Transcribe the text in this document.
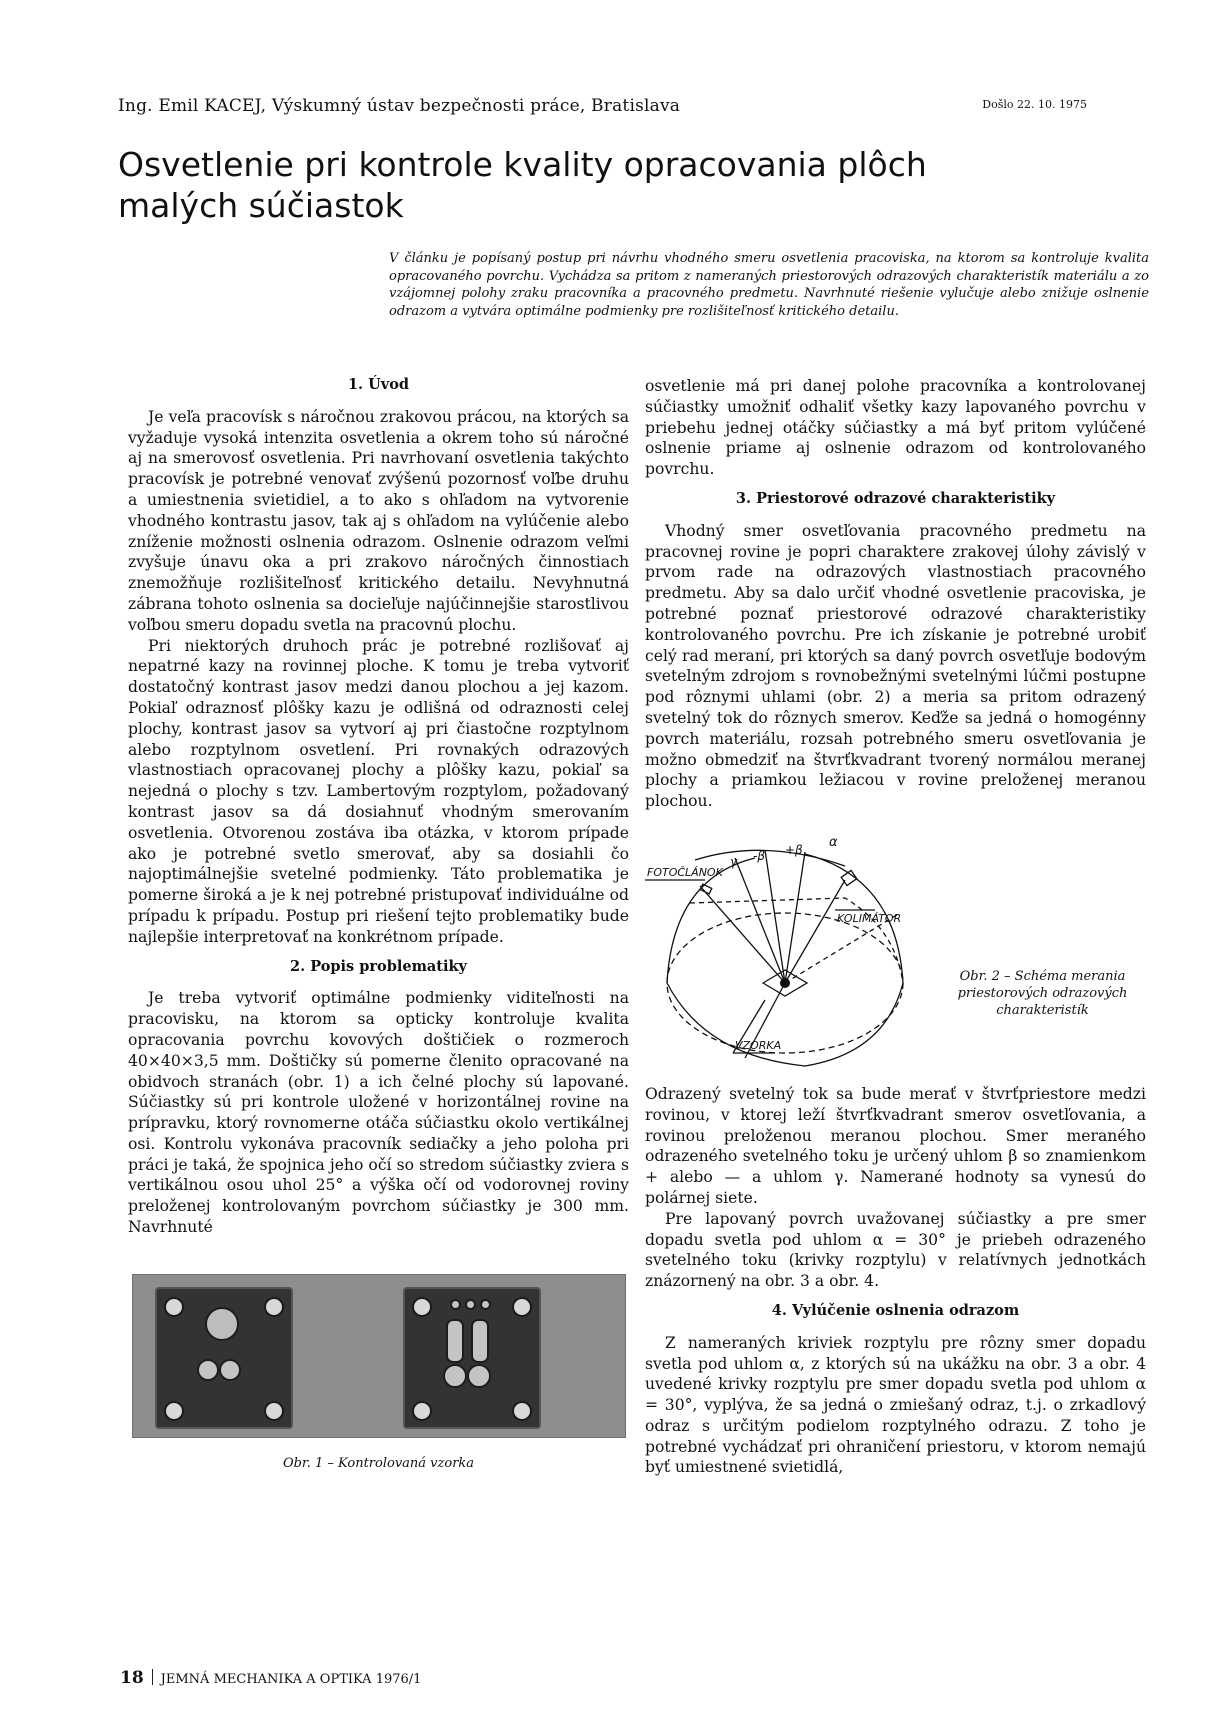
Ing. Emil KACEJ, Výskumný ústav bezpečnosti práce, Bratislava	Došlo 22. 10. 1975
Osvetlenie pri kontrole kvality opracovania plôch malých súčiastok
V článku je popísaný postup pri návrhu vhodného smeru osvetlenia pracoviska, na ktorom sa kontroluje kvalita opracovaného povrchu. Vychádza sa pritom z nameraných priestorových odrazových charakteristík materiálu a zo vzájomnej polohy zraku pracovníka a pracovného predmetu. Navrhnuté riešenie vylučuje alebo znižuje oslnenie odrazom a vytvára optimálne podmienky pre rozlišiteľnosť kritického detailu.
1. Úvod

Je veľa pracovísk s náročnou zrakovou prácou, na ktorých sa vyžaduje vysoká intenzita osvetlenia a okrem toho sú náročné aj na smerovosť osvetlenia. Pri navrhovaní osvetlenia takýchto pracovísk je potrebné venovať zvýšenú pozornosť voľbe druhu a umiestnenia svietidiel, a to ako s ohľadom na vytvorenie vhodného kontrastu jasov, tak aj s ohľadom na vylúčenie alebo zníženie možnosti oslnenia odrazom. Oslnenie odrazom veľmi zvyšuje únavu oka a pri zrakovo náročných činnostiach znemožňuje rozlišiteľnosť kritického detailu. Nevyhnutná zábrana tohoto oslnenia sa docieľuje najúčinnejšie starostlivou voľbou smeru dopadu svetla na pracovnú plochu.

Pri niektorých druhoch prác je potrebné rozlišovať aj nepatrné kazy na rovinnej ploche. K tomu je treba vytvoriť dostatočný kontrast jasov medzi danou plochou a jej kazom. Pokiaľ odraznosť plôšky kazu je odlišná od odraznosti celej plochy, kontrast jasov sa vytvorí aj pri čiastočne rozptylnom alebo rozptylnom osvetlení. Pri rovnakých odrazových vlastnostiach opracovanej plochy a plôšky kazu, pokiaľ sa nejedná o plochy s tzv. Lambertovým rozptylom, požadovaný kontrast jasov sa dá dosiahnuť vhodným smerovaním osvetlenia. Otvorenou zostáva iba otázka, v ktorom prípade ako je potrebné svetlo smerovať, aby sa dosiahli čo najoptimálnejšie svetelné podmienky. Táto problematika je pomerne široká a je k nej potrebné pristupovať individuálne od prípadu k prípadu. Postup pri riešení tejto problematiky bude najlepšie interpretovať na konkrétnom prípade.

2. Popis problematiky

Je treba vytvoriť optimálne podmienky viditeľnosti na pracovisku, na ktorom sa opticky kontroluje kvalita opracovania povrchu kovových doštičiek o rozmeroch 40×40×3,5 mm. Doštičky sú pomerne členito opracované na obidvoch stranách (obr. 1) a ich čelné plochy sú lapované. Súčiastky sú pri kontrole uložené v horizontálnej rovine na prípravku, ktorý rovnomerne otáča súčiastku okolo vertikálnej osi. Kontrolu vykonáva pracovník sediačky a jeho poloha pri práci je taká, že spojnica jeho očí so stredom súčiastky zviera s vertikálnou osou uhol 25° a výška očí od vodorovnej roviny preloženej kontrolovaným povrchom súčiastky je 300 mm. Navrhnuté

Obr. 1 – Kontrolovaná vzorka

osvetlenie má pri danej polohe pracovníka a kontrolovanej súčiastky umožniť odhaliť všetky kazy lapovaného povrchu v priebehu jednej otáčky súčiastky a má byť pritom vylúčené oslnenie priame aj oslnenie odrazom od kontrolovaného povrchu.

3. Priestorové odrazové charakteristiky

Vhodný smer osvetľovania pracovného predmetu na pracovnej rovine je popri charaktere zrakovej úlohy závislý v prvom rade na odrazových vlastnostiach pracovného predmetu. Aby sa dalo určiť vhodné osvetlenie pracoviska, je potrebné poznať priestorové odrazové charakteristiky kontrolovaného povrchu. Pre ich získanie je potrebné urobiť celý rad meraní, pri ktorých sa daný povrch osvetľuje bodovým svetelným zdrojom s rovnobežnými svetelnými lúčmi postupne pod rôznymi uhlami (obr. 2) a meria sa pritom odrazený svetelný tok do rôznych smerov. Keďže sa jedná o homogénny povrch materiálu, rozsah potrebného smeru osvetľovania je možno obmedziť na štvrťkvadrant tvorený normálou meranej plochy a priamkou ležiacou v rovine preloženej meranou plochou.

FOTOČLÁNOK
KOLIMÁTOR
VZORKA
α
-β +β
γ
Obr. 2 – Schéma merania priestorových odrazových charakteristík

Odrazený svetelný tok sa bude merať v štvrťpriestore medzi rovinou, v ktorej leží štvrťkvadrant smerov osvetľovania, a rovinou preloženou meranou plochou. Smer meraného odrazeného svetelného toku je určený uhlom β so znamienkom + alebo — a uhlom γ. Namerané hodnoty sa vynesú do polárnej siete.

Pre lapovaný povrch uvažovanej súčiastky a pre smer dopadu svetla pod uhlom α = 30° je priebeh odrazeného svetelného toku (krivky rozptylu) v relatívnych jednotkách znázornený na obr. 3 a obr. 4.

4. Vylúčenie oslnenia odrazom

Z nameraných kriviek rozptylu pre rôzny smer dopadu svetla pod uhlom α, z ktorých sú na ukážku na obr. 3 a obr. 4 uvedené krivky rozptylu pre smer dopadu svetla pod uhlom α = 30°, vyplýva, že sa jedná o zmiešaný odraz, t.j. o zrkadlový odraz s určitým podielom rozptylného odrazu. Z toho je potrebné vychádzať pri ohraničení priestoru, v ktorom nemajú byť umiestnené svietidlá,

18 JEMNÁ MECHANIKA A OPTIKA 1976/1
